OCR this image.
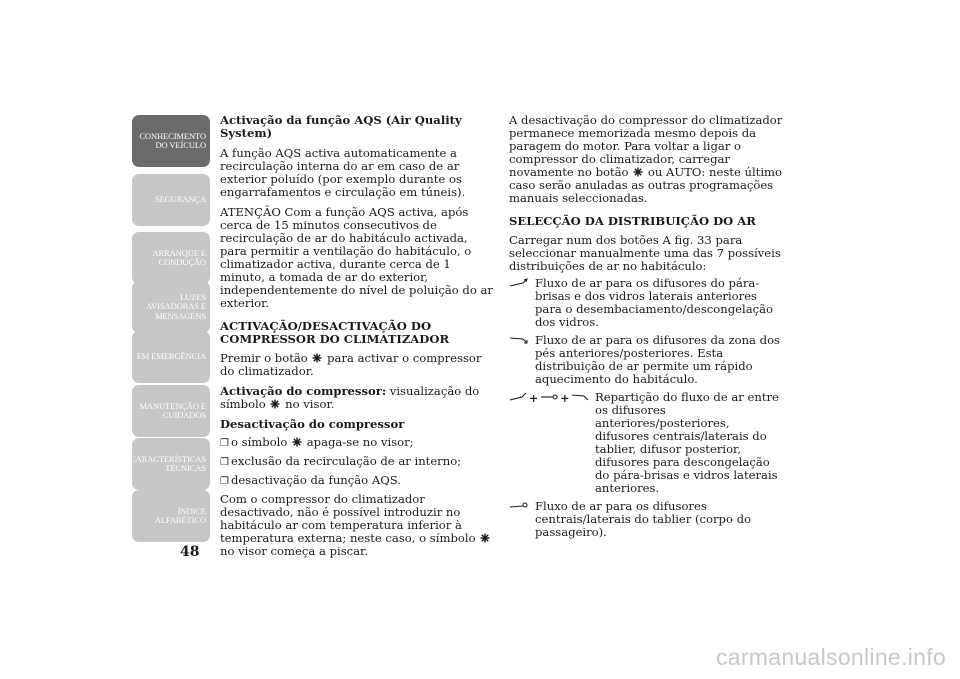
CONHECIMENTO
DO VEÍCULO
SEGURANÇA
ARRANQUE E
CONDUÇÃO
LUZES
AVISADORAS E
MENSAGENS
EM EMERGÊNCIA
MANUTENÇÃO E
CUIDADOS
CARACTERÍSTICAS
TÉCNICAS
ÍNDICE
ALFABÉTICO
48

Activação da função AQS (Air Quality System)

A função AQS activa automaticamente a recirculação interna do ar em caso de ar exterior poluído (por exemplo durante os engarrafamentos e circulação em túneis).

ATENÇÃO Com a função AQS activa, após cerca de 15 minutos consecutivos de recirculação de ar do habitáculo activada, para permitir a ventilação do habitáculo, o climatizador activa, durante cerca de 1 minuto, a tomada de ar do exterior, independentemente do nível de poluição do ar exterior.

ACTIVAÇÃO/DESACTIVAÇÃO DO COMPRESSOR DO CLIMATIZADOR

Premir o botão para activar o compressor do climatizador.

Activação do compressor: visualização do símbolo no visor.

Desactivação do compressor

❐ o símbolo apaga-se no visor;

❐ exclusão da recirculação de ar interno;

❐ desactivação da função AQS.

Com o compressor do climatizador desactivado, não é possível introduzir no habitáculo ar com temperatura inferior à temperatura externa; neste caso, o símbolo  no visor começa a piscar.

A desactivação do compressor do climatizador permanece memorizada mesmo depois da paragem do motor. Para voltar a ligar o compressor do climatizador, carregar novamente no botão ou AUTO: neste último caso serão anuladas as outras programações manuais seleccionadas.

SELECÇÃO DA DISTRIBUIÇÃO DO AR

Carregar num dos botões A fig. 33 para seleccionar manualmente uma das 7 possíveis distribuições de ar no habitáculo:

Fluxo de ar para os difusores do pára-brisas e dos vidros laterais anteriores para o desembaciamento/descongelação dos vidros.
Fluxo de ar para os difusores da zona dos pés anteriores/posteriores. Esta distribuição de ar permite um rápido aquecimento do habitáculo.
+ + Repartição do fluxo de ar entre os difusores anteriores/posteriores, difusores centrais/laterais do tablier, difusor posterior, difusores para descongelação do pára-brisas e vidros laterais anteriores.
Fluxo de ar para os difusores centrais/laterais do tablier (corpo do passageiro).
carmanualsonline.info
